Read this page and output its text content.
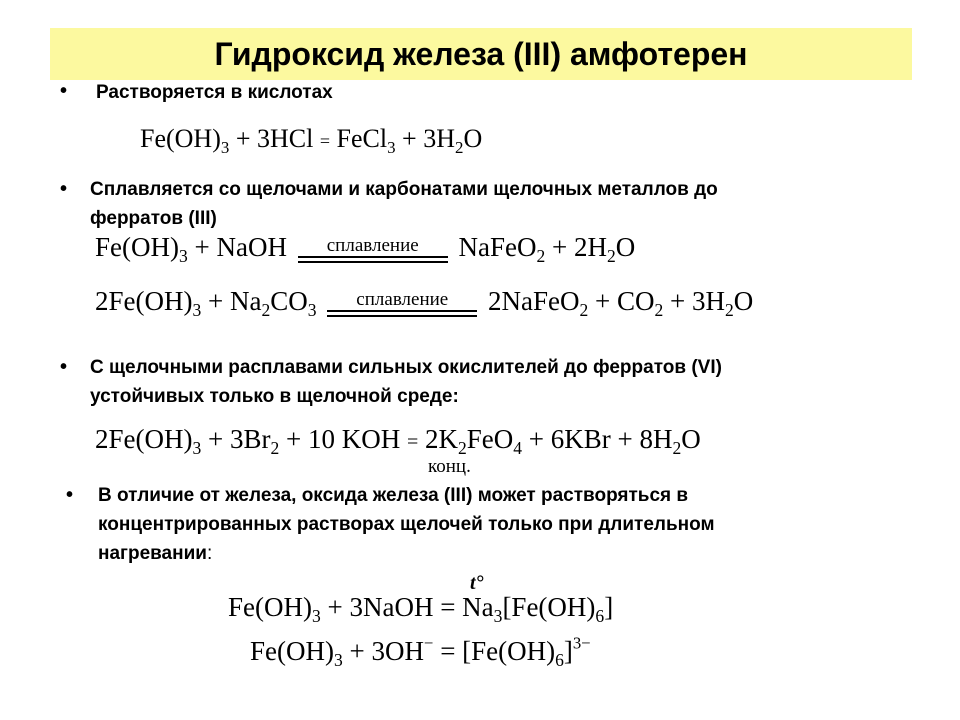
Гидроксид железа (III) амфотерен
• Растворяется в кислотах
$Fe(OH)_3 + 3HCl$ = FeCl$_3$ + $3H_2O$
• Сплавляется со щелочами и карбонатами щелочных металлов до
ферратов (III)
$Fe(OH)_3$ + NaOH	сплавление	NaFeO$_2$ + $2H_2O$
$2Fe(OH)_3 + Na_2CO_3$
сплавление	2NaFeO$_2$ + $CO_2 + 3H_2O$
• С щелочными расплавами сильных окислителей до ферратов (VI)
устойчивых только в щелочной среде:
$2Fe(OH)_3 + 3Br_2 + 10$ KOH = $2K_2FeO_4 + 6KBr + 8H_2O$
конц.
• В отличие от железа, оксида железа (III) может растворяться в
концентрированных растворах щелочей только при длительном
нагревании:
t°
$Fe(OH)_3$ + 3NaOH = $Na_3[Fe(OH)_6]$
$Fe(OH)_3 + 3OH^- = [Fe(OH)_6]^{3-}$
